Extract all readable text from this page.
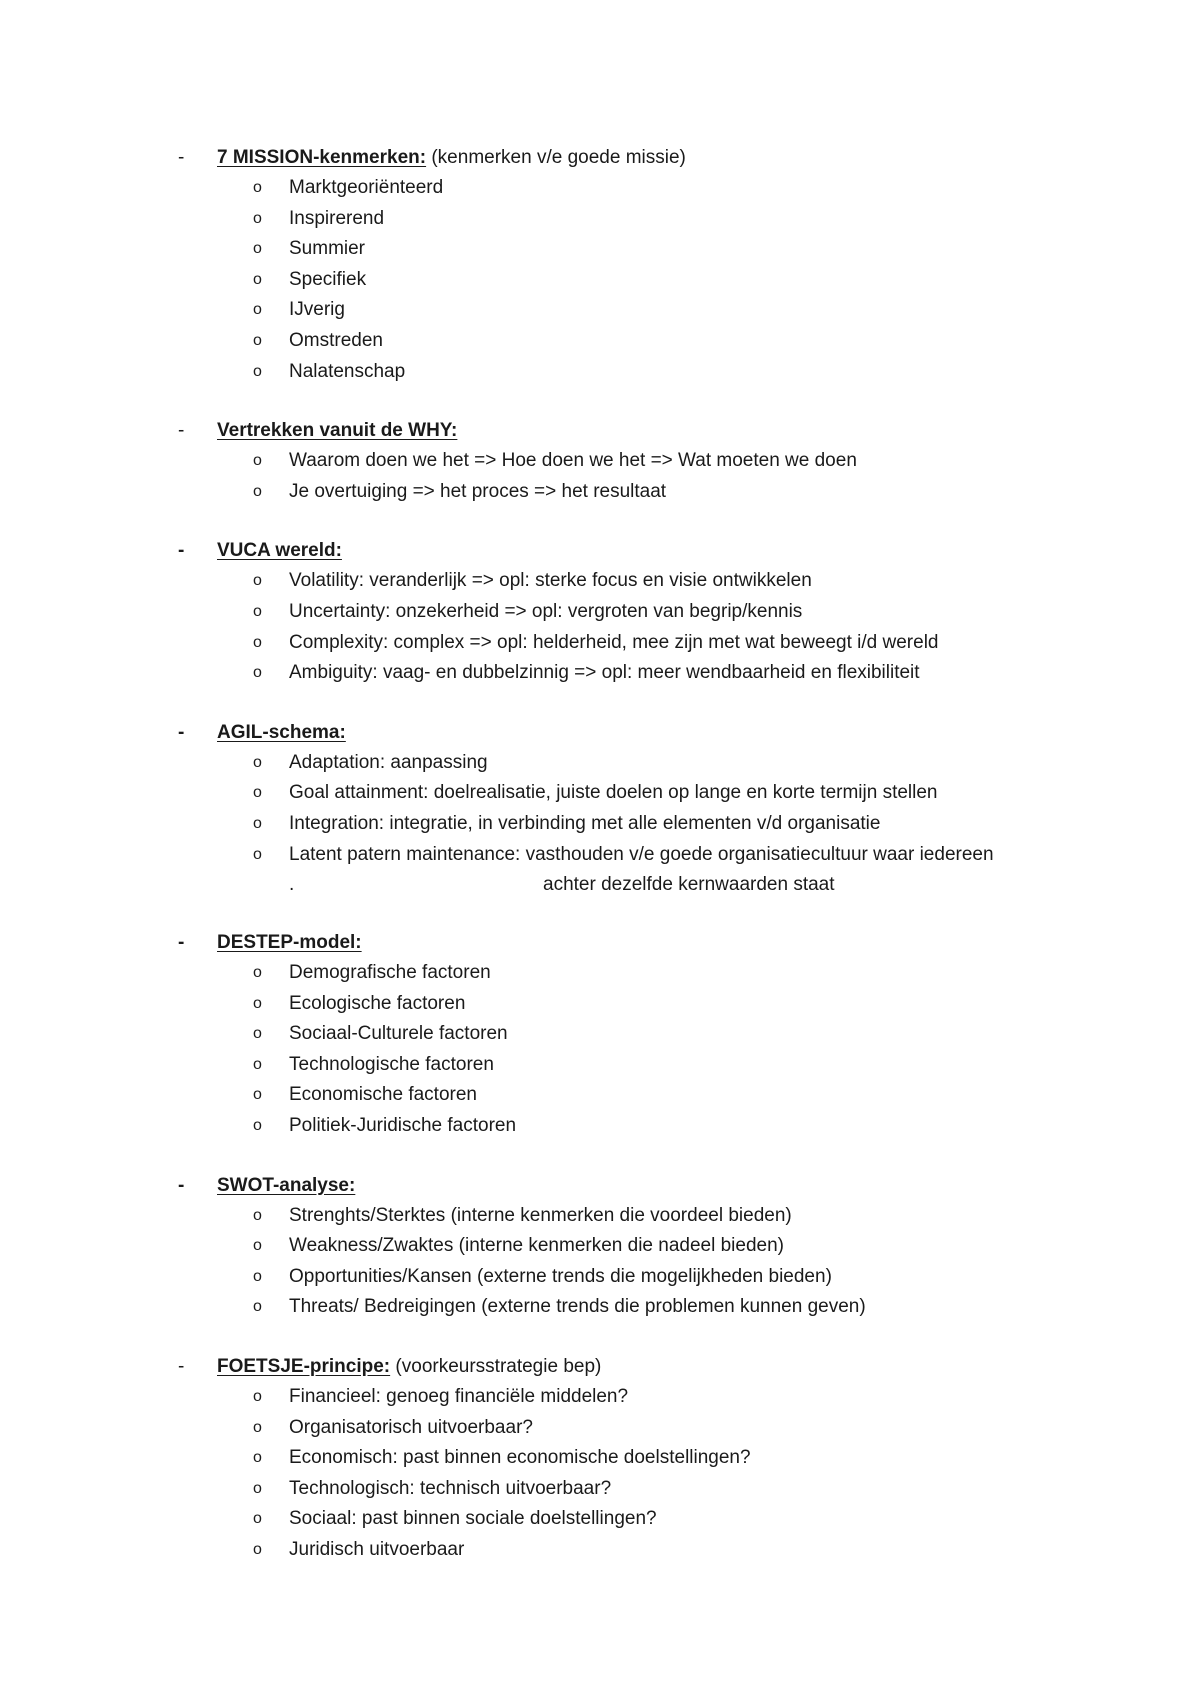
-	7 MISSION-kenmerken: (kenmerken v/e goede missie)
o Marktgeoriënteerd
o Inspirerend
o Summier
o Specifiek
o IJverig
o Omstreden
o Nalatenschap
-	Vertrekken vanuit de WHY:
o Waarom doen we het => Hoe doen we het => Wat moeten we doen
o Je overtuiging => het proces => het resultaat
-	VUCA wereld:
o Volatility: veranderlijk => opl: sterke focus en visie ontwikkelen
o Uncertainty: onzekerheid => opl: vergroten van begrip/kennis
o Complexity: complex => opl: helderheid, mee zijn met wat beweegt i/d wereld
o Ambiguity: vaag- en dubbelzinnig => opl: meer wendbaarheid en flexibiliteit
-	AGIL-schema:
o Adaptation: aanpassing
o Goal attainment: doelrealisatie, juiste doelen op lange en korte termijn stellen
o Integration: integratie, in verbinding met alle elementen v/d organisatie
o Latent patern maintenance: vasthouden v/e goede organisatiecultuur waar iedereen
.	achter dezelfde kernwaarden staat
-	DESTEP-model:
o Demografische factoren
o Ecologische factoren
o Sociaal-Culturele factoren
o Technologische factoren
o Economische factoren
o Politiek-Juridische factoren
-	SWOT-analyse:
o Strenghts/Sterktes (interne kenmerken die voordeel bieden)
o Weakness/Zwaktes (interne kenmerken die nadeel bieden)
o Opportunities/Kansen (externe trends die mogelijkheden bieden)
o Threats/ Bedreigingen (externe trends die problemen kunnen geven)
-	FOETSJE-principe: (voorkeursstrategie bep)
o Financieel: genoeg financiële middelen?
o Organisatorisch uitvoerbaar?
o Economisch: past binnen economische doelstellingen?
o Technologisch: technisch uitvoerbaar?
o Sociaal: past binnen sociale doelstellingen?
o Juridisch uitvoerbaar
